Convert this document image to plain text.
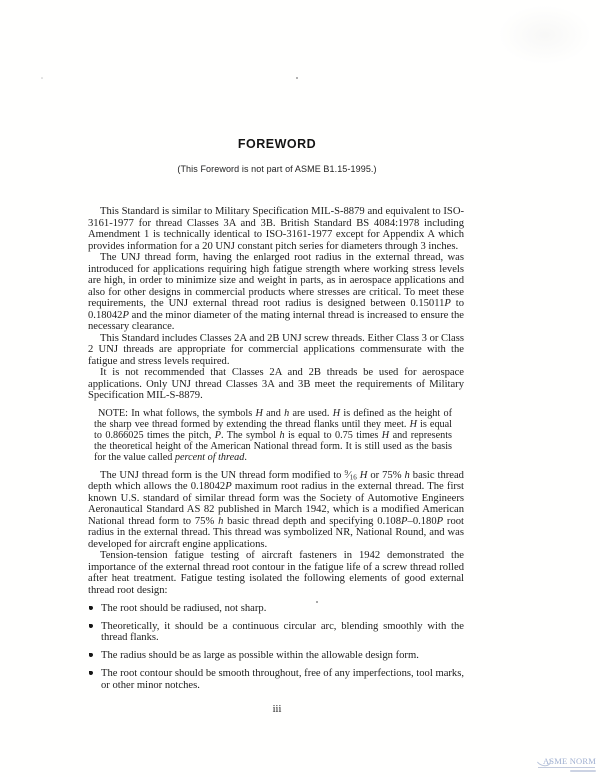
FOREWORD
(This Foreword is not part of ASME B1.15-1995.)

This Standard is similar to Military Specification MIL-S-8879 and equivalent to ISO-3161-1977 for thread Classes 3A and 3B. British Standard BS 4084:1978 including Amendment 1 is technically identical to ISO-3161-1977 except for Appendix A which provides information for a 20 UNJ constant pitch series for diameters through 3 inches.

The UNJ thread form, having the enlarged root radius in the external thread, was introduced for applications requiring high fatigue strength where working stress levels are high, in order to minimize size and weight in parts, as in aerospace applications and also for other designs in commercial products where stresses are critical. To meet these requirements, the UNJ external thread root radius is designed between 0.15011P to 0.18042P and the minor diameter of the mating internal thread is increased to ensure the necessary clearance.

This Standard includes Classes 2A and 2B UNJ screw threads. Either Class 3 or Class 2 UNJ threads are appropriate for commercial applications commensurate with the fatigue and stress levels required.

It is not recommended that Classes 2A and 2B threads be used for aerospace applications. Only UNJ thread Classes 3A and 3B meet the requirements of Military Specification MIL-S-8879.

NOTE: In what follows, the symbols H and h are used. H is defined as the height of the sharp vee thread formed by extending the thread flanks until they meet. H is equal to 0.866025 times the pitch, P. The symbol h is equal to 0.75 times H and represents the theoretical height of the American National thread form. It is still used as the basis for the value called percent of thread.

The UNJ thread form is the UN thread form modified to $^9⁄_{16}$ H or 75% h basic thread depth which allows the 0.18042P maximum root radius in the external thread. The first known U.S. standard of similar thread form was the Society of Automotive Engineers Aeronautical Standard AS 82 published in March 1942, which is a modified American National thread form to 75% h basic thread depth and specifying 0.108P–0.180P root radius in the external thread. This thread was symbolized NR, National Round, and was developed for aircraft engine applications.

Tension-tension fatigue testing of aircraft fasteners in 1942 demonstrated the importance of the external thread root contour in the fatigue life of a screw thread rolled after heat treatment. Fatigue testing isolated the following elements of good external thread root design:

The root should be radiused, not sharp.
Theoretically, it should be a continuous circular arc, blending smoothly with the thread flanks.
The radius should be as large as possible within the allowable design form.
The root contour should be smooth throughout, free of any imperfections, tool marks, or other minor notches.
iii
ASME NORM
